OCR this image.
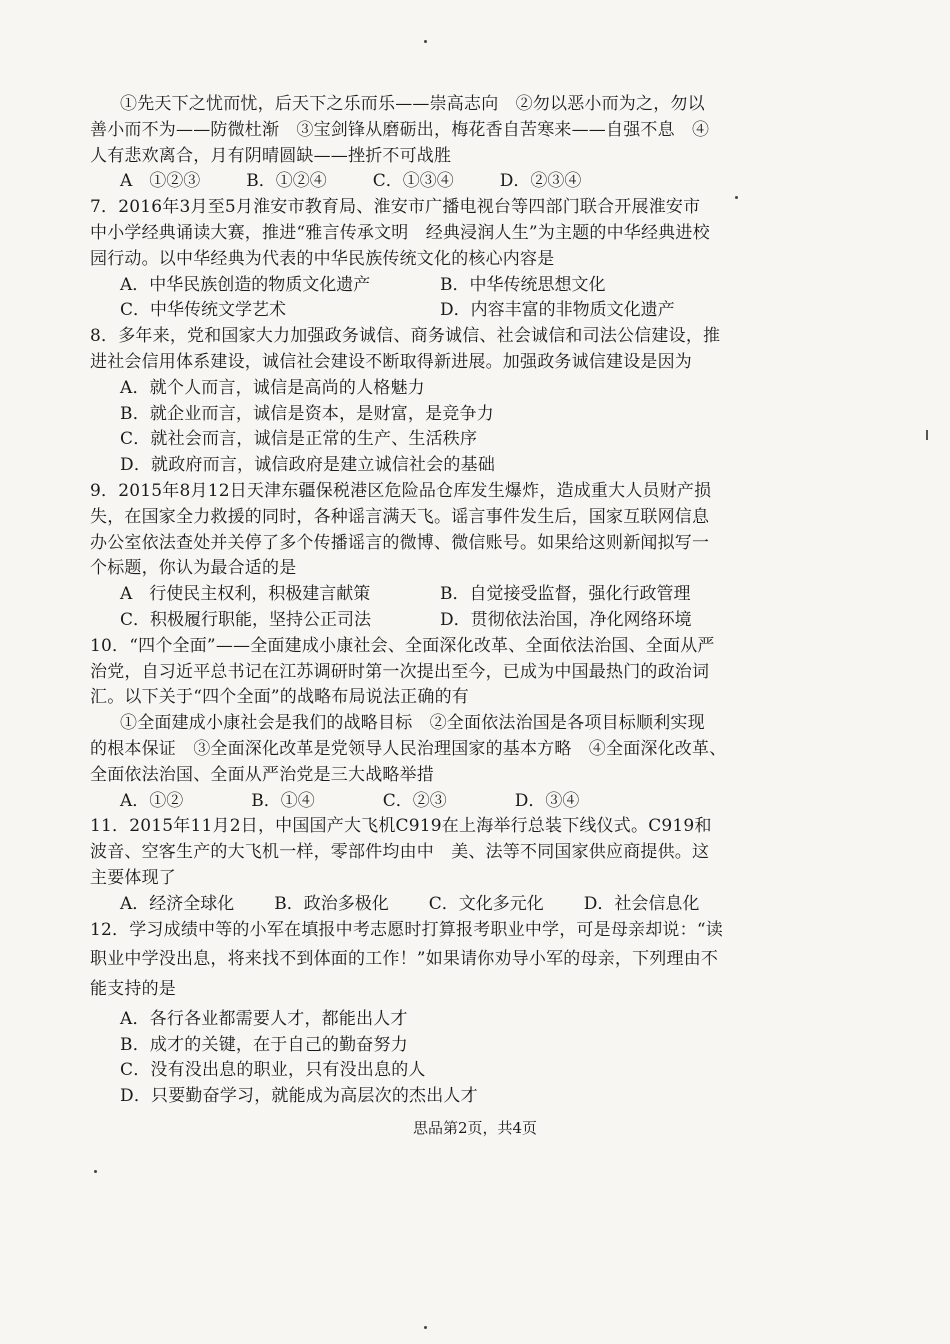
①先天下之忧而忧，后天下之乐而乐——崇高志向　②勿以恶小而为之，勿以
善小而不为——防微杜渐　③宝剑锋从磨砺出，梅花香自苦寒来——自强不息　④
人有悲欢离合，月有阴晴圆缺——挫折不可战胜
A　①②③	B．①②④	C．①③④	D．②③④
7．2016年3月至5月淮安市教育局、淮安市广播电视台等四部门联合开展淮安市
中小学经典诵读大赛，推进“雅言传承文明　经典浸润人生”为主题的中华经典进校
园行动。以中华经典为代表的中华民族传统文化的核心内容是
A．中华民族创造的物质文化遗产	B．中华传统思想文化
C．中华传统文学艺术	D．内容丰富的非物质文化遗产
8．多年来，党和国家大力加强政务诚信、商务诚信、社会诚信和司法公信建设，推
进社会信用体系建设，诚信社会建设不断取得新进展。加强政务诚信建设是因为
A．就个人而言，诚信是高尚的人格魅力
B．就企业而言，诚信是资本，是财富，是竞争力
C．就社会而言，诚信是正常的生产、生活秩序
D．就政府而言，诚信政府是建立诚信社会的基础
9．2015年8月12日天津东疆保税港区危险品仓库发生爆炸，造成重大人员财产损
失，在国家全力救援的同时，各种谣言满天飞。谣言事件发生后，国家互联网信息
办公室依法查处并关停了多个传播谣言的微博、微信账号。如果给这则新闻拟写一
个标题，你认为最合适的是
A　行使民主权利，积极建言献策	B．自觉接受监督，强化行政管理
C．积极履行职能，坚持公正司法	D．贯彻依法治国，净化网络环境
10．“四个全面”——全面建成小康社会、全面深化改革、全面依法治国、全面从严
治党，自习近平总书记在江苏调研时第一次提出至今，已成为中国最热门的政治词
汇。以下关于“四个全面”的战略布局说法正确的有
①全面建成小康社会是我们的战略目标　②全面依法治国是各项目标顺利实现
的根本保证　③全面深化改革是党领导人民治理国家的基本方略　④全面深化改革、
全面依法治国、全面从严治党是三大战略举措
A．①②	B．①④	C．②③	D．③④
11．2015年11月2日，中国国产大飞机C919在上海举行总装下线仪式。C919和
波音、空客生产的大飞机一样，零部件均由中　美、法等不同国家供应商提供。这
主要体现了
A．经济全球化 B．政治多极化 C．文化多元化 D．社会信息化
12．学习成绩中等的小军在填报中考志愿时打算报考职业中学，可是母亲却说：“读
职业中学没出息，将来找不到体面的工作！”如果请你劝导小军的母亲，下列理由不
能支持的是
A．各行各业都需要人才，都能出人才
B．成才的关键，在于自己的勤奋努力
C．没有没出息的职业，只有没出息的人
D．只要勤奋学习，就能成为高层次的杰出人才
思品第2页，共4页
